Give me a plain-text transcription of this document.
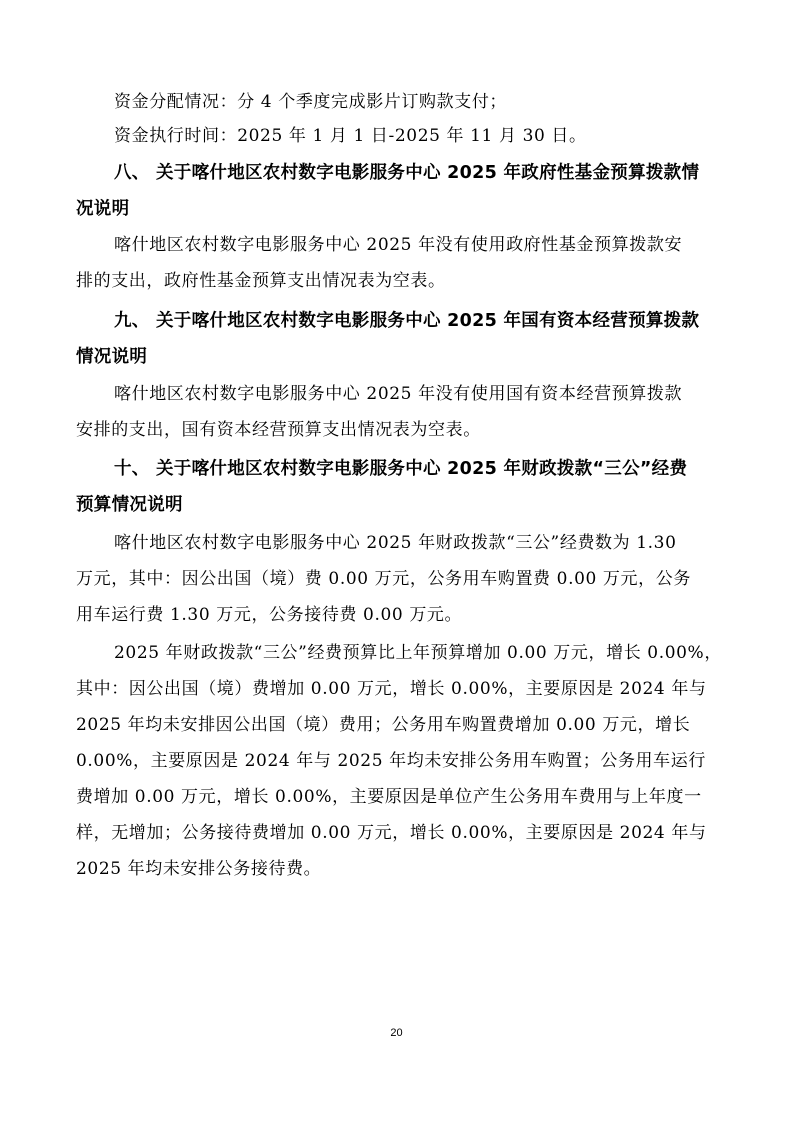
资金分配情况：分 4 个季度完成影片订购款支付；
资金执行时间：2025 年 1 月 1 日-2025 年 11 月 30 日。
八、 关于喀什地区农村数字电影服务中心 2025 年政府性基金预算拨款情
况说明
喀什地区农村数字电影服务中心 2025 年没有使用政府性基金预算拨款安
排的支出，政府性基金预算支出情况表为空表。
九、 关于喀什地区农村数字电影服务中心 2025 年国有资本经营预算拨款
情况说明
喀什地区农村数字电影服务中心 2025 年没有使用国有资本经营预算拨款
安排的支出，国有资本经营预算支出情况表为空表。
十、 关于喀什地区农村数字电影服务中心 2025 年财政拨款“三公”经费
预算情况说明
喀什地区农村数字电影服务中心 2025 年财政拨款“三公”经费数为 1.30
万元，其中：因公出国（境）费 0.00 万元，公务用车购置费 0.00 万元，公务
用车运行费 1.30 万元，公务接待费 0.00 万元。
2025 年财政拨款“三公”经费预算比上年预算增加 0.00 万元，增长 0.00%，
其中：因公出国（境）费增加 0.00 万元，增长 0.00%，主要原因是 2024 年与
2025 年均未安排因公出国（境）费用；公务用车购置费增加 0.00 万元，增长
0.00%，主要原因是 2024 年与 2025 年均未安排公务用车购置；公务用车运行
费增加 0.00 万元，增长 0.00%，主要原因是单位产生公务用车费用与上年度一
样，无增加；公务接待费增加 0.00 万元，增长 0.00%，主要原因是 2024 年与
2025 年均未安排公务接待费。
20
